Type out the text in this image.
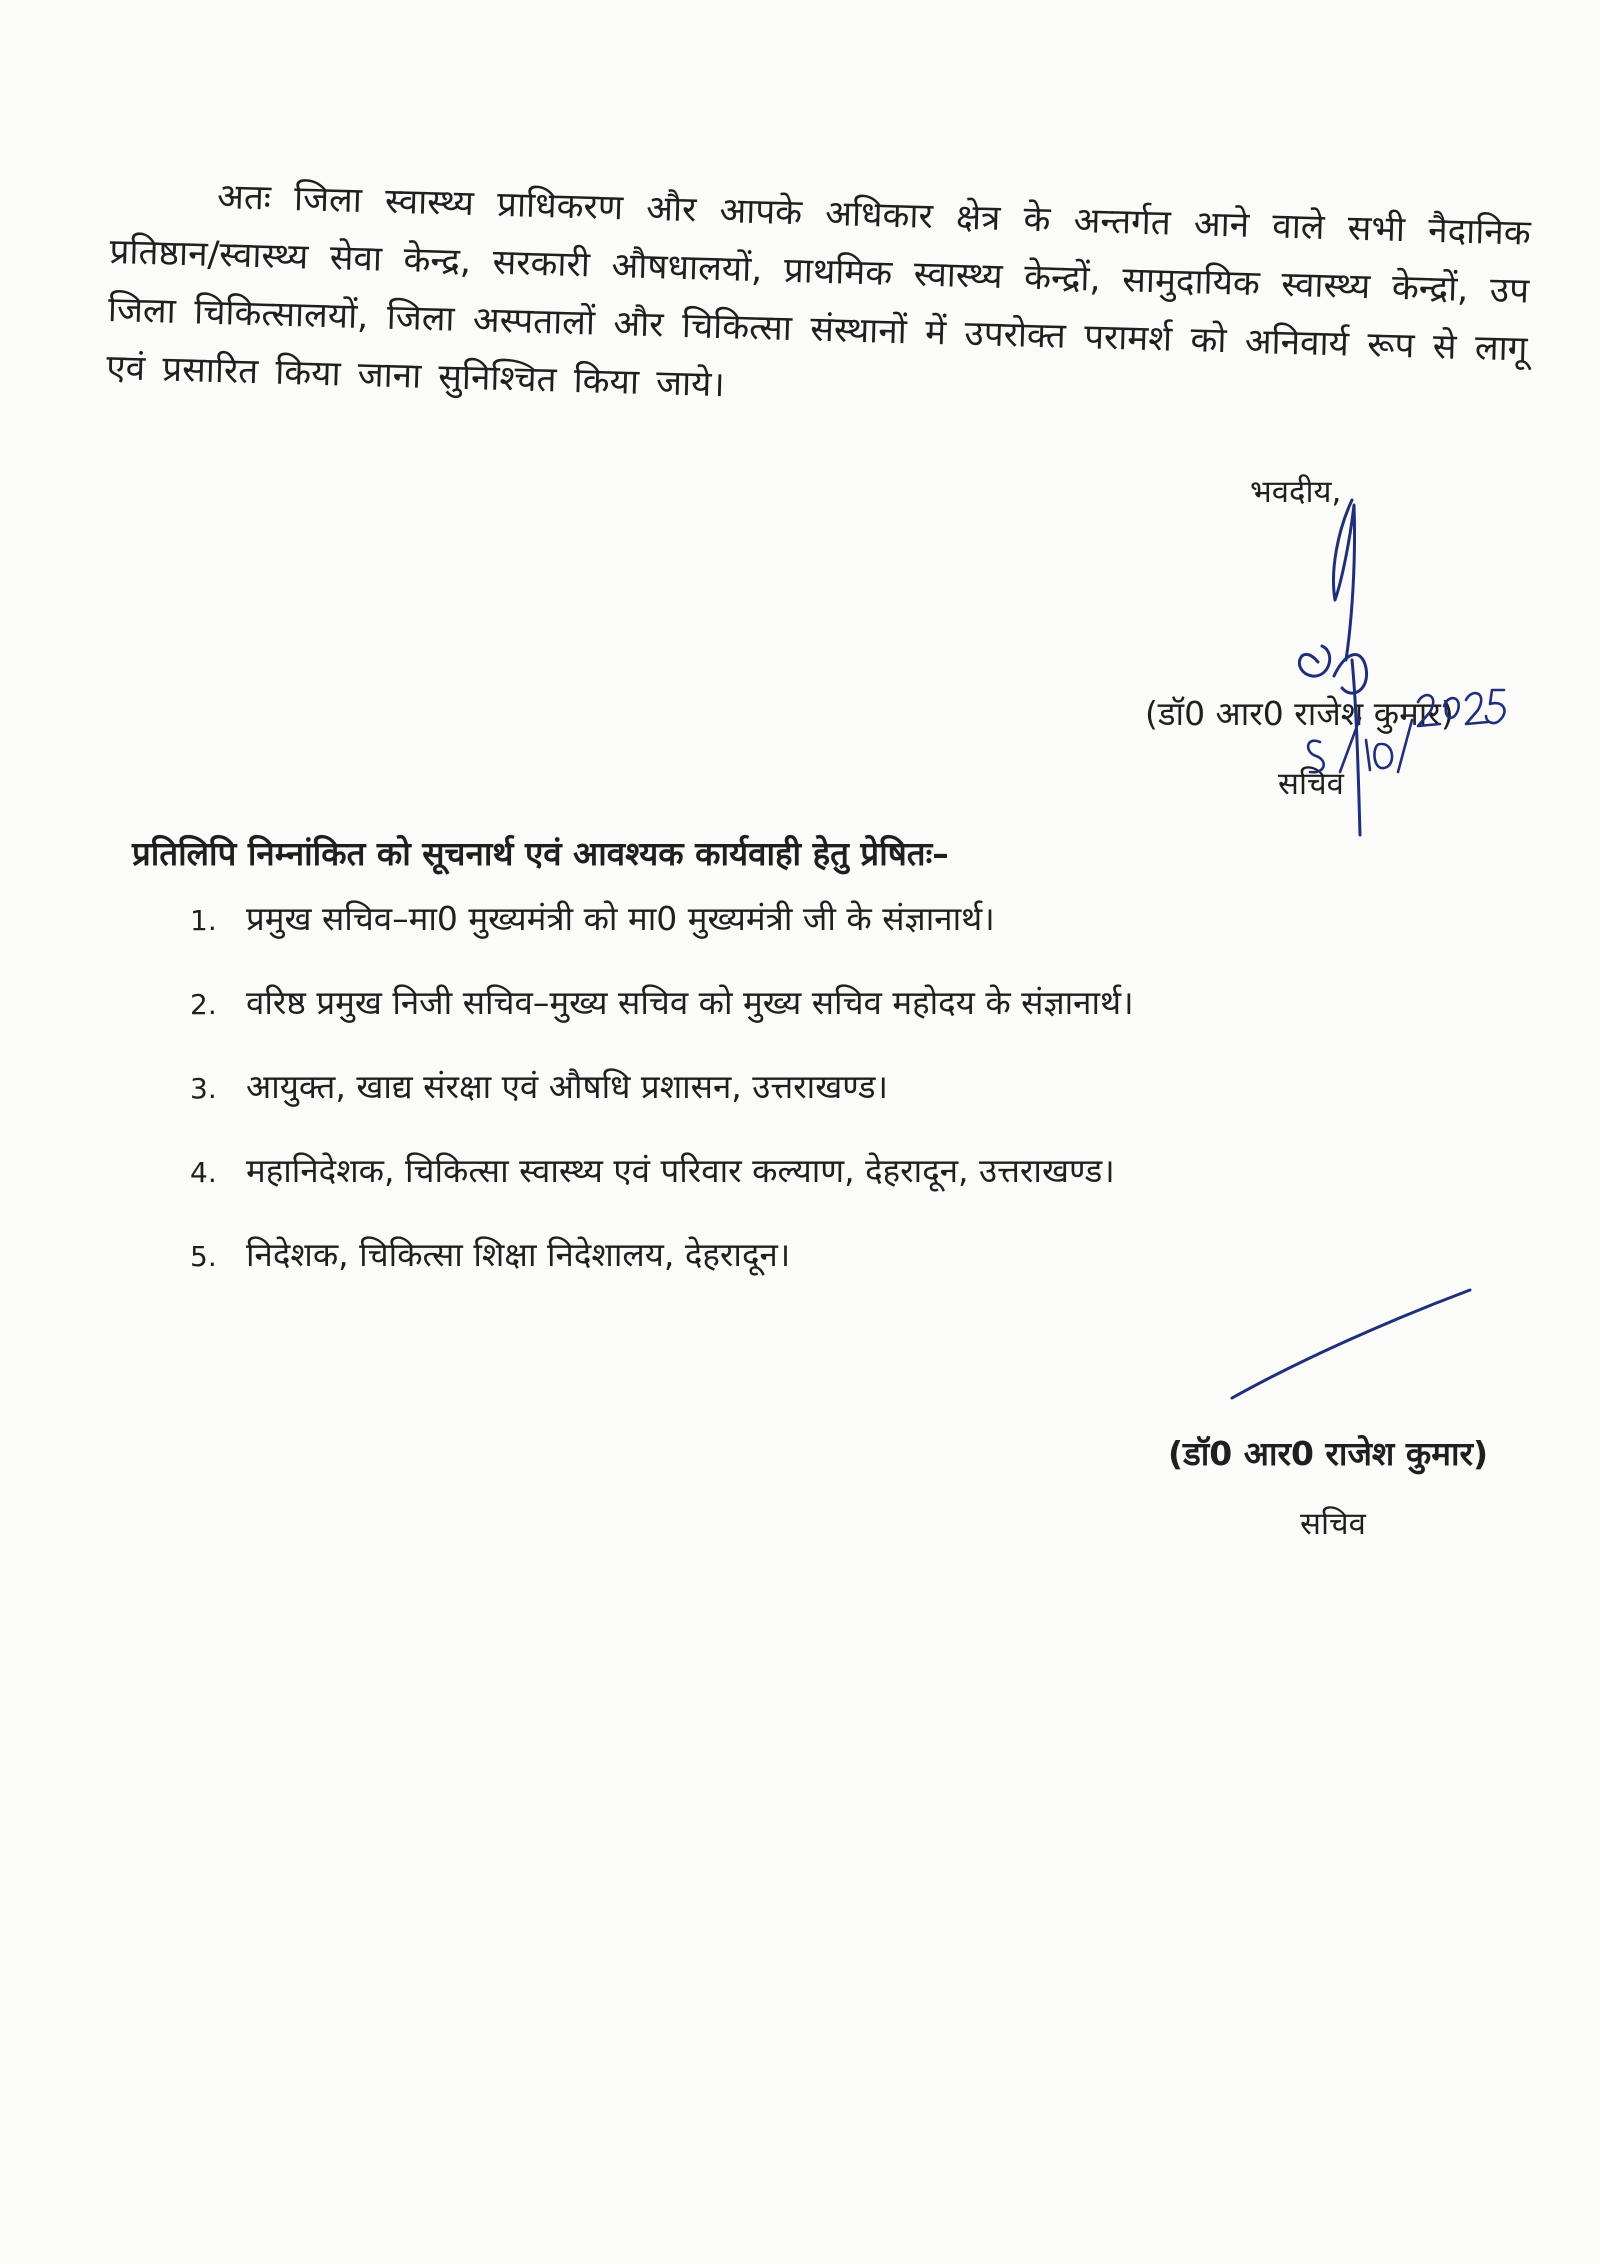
अतः जिला स्वास्थ्य प्राधिकरण और आपके अधिकार क्षेत्र के अन्तर्गत आने वाले सभी नैदानिक प्रतिष्ठान/स्वास्थ्य सेवा केन्द्र, सरकारी औषधालयों, प्राथमिक स्वास्थ्य केन्द्रों, सामुदायिक स्वास्थ्य केन्द्रों, उप जिला चिकित्सालयों, जिला अस्पतालों और चिकित्सा संस्थानों में उपरोक्त परामर्श को अनिवार्य रूप से लागू एवं प्रसारित किया जाना सुनिश्चित किया जाये।

भवदीय,
(डॉ0 आर0 राजेश कुमार)
सचिव
प्रतिलिपि निम्नांकित को सूचनार्थ एवं आवश्यक कार्यवाही हेतु प्रेषितः–
1. प्रमुख सचिव–मा0 मुख्यमंत्री को मा0 मुख्यमंत्री जी के संज्ञानार्थ।
2. वरिष्ठ प्रमुख निजी सचिव–मुख्य सचिव को मुख्य सचिव महोदय के संज्ञानार्थ।
3. आयुक्त, खाद्य संरक्षा एवं औषधि प्रशासन, उत्तराखण्ड।
4. महानिदेशक, चिकित्सा स्वास्थ्य एवं परिवार कल्याण, देहरादून, उत्तराखण्ड।
5. निदेशक, चिकित्सा शिक्षा निदेशालय, देहरादून।
(डॉ0 आर0 राजेश कुमार)
सचिव
